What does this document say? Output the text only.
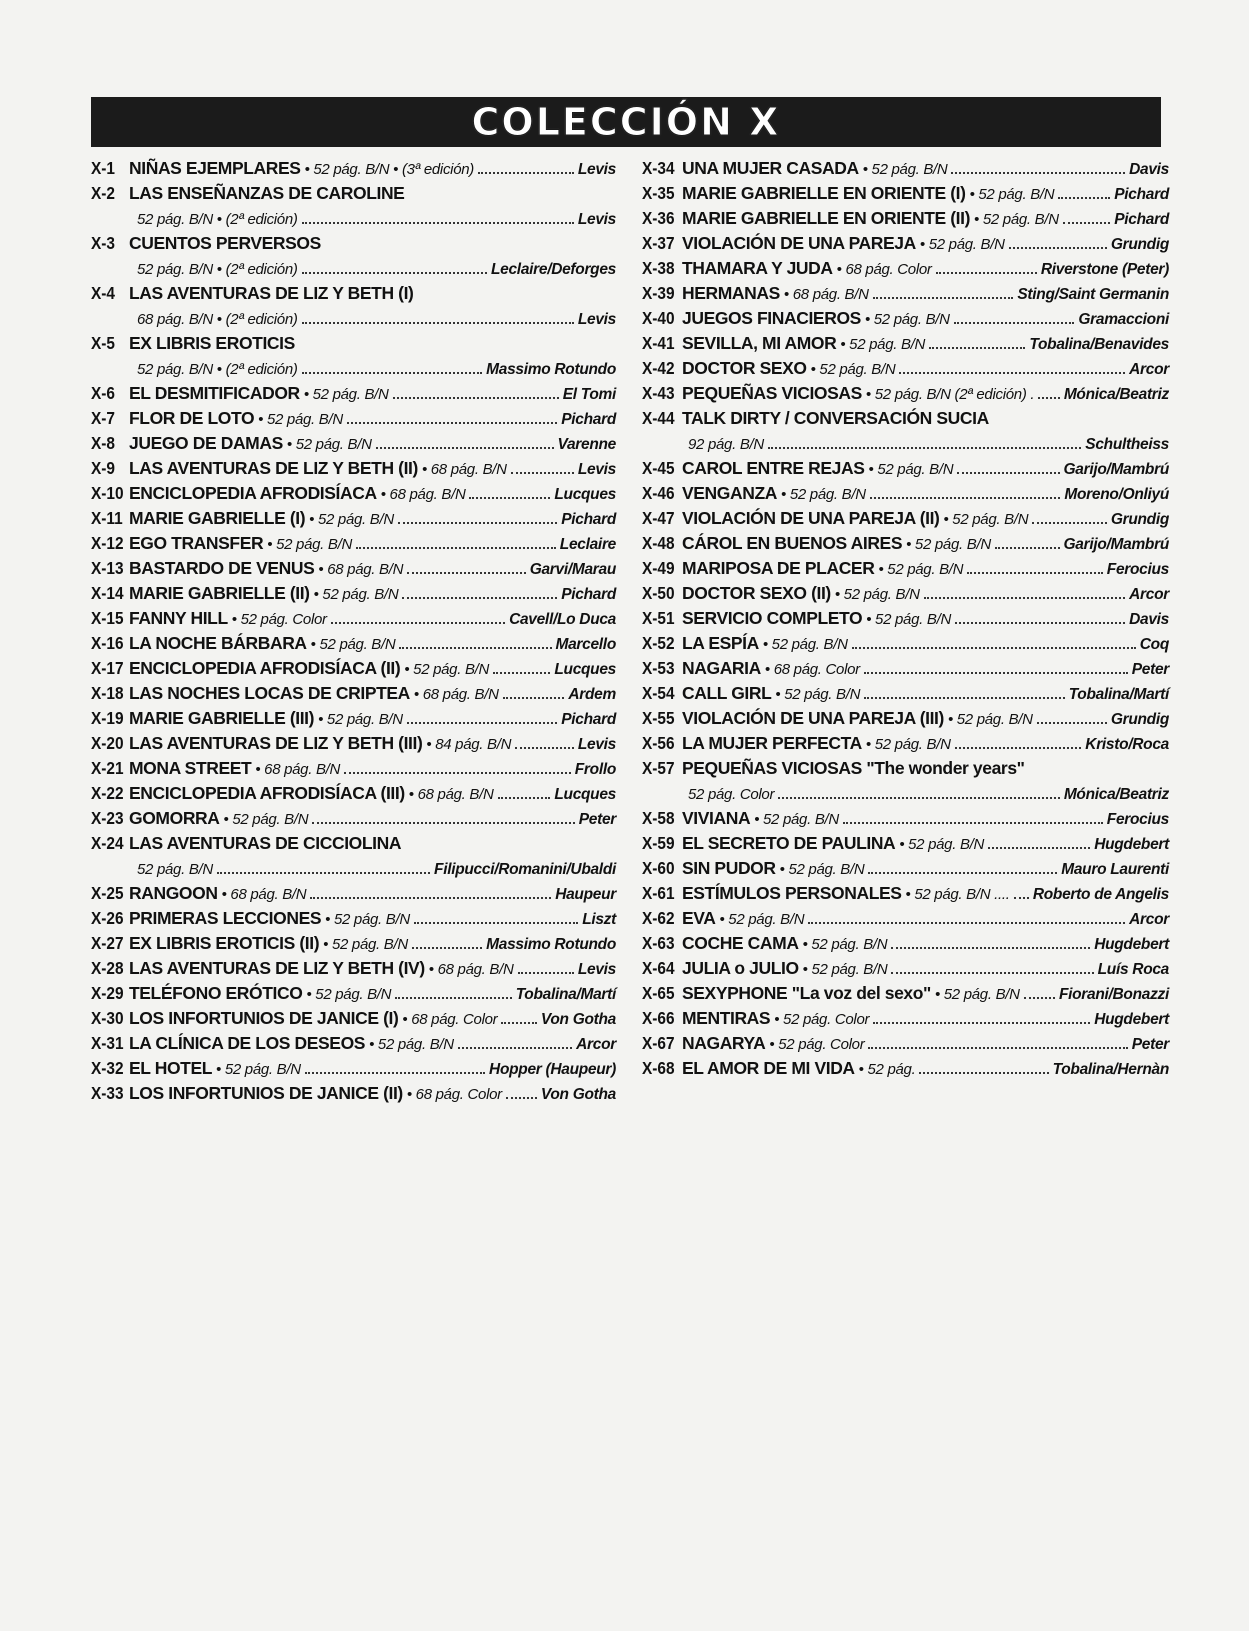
COLECCIÓN X
X-1 NIÑAS EJEMPLARES • 52 pág. B/N • (3ª edición)	Levis
X-2 LAS ENSEÑANZAS DE CAROLINE
52 pág. B/N • (2ª edición)	Levis
X-3 CUENTOS PERVERSOS
52 pág. B/N • (2ª edición)	Leclaire/Deforges
X-4 LAS AVENTURAS DE LIZ Y BETH (I)
68 pág. B/N • (2ª edición)	Levis
X-5 EX LIBRIS EROTICIS
52 pág. B/N • (2ª edición)	Massimo Rotundo
X-6 EL DESMITIFICADOR • 52 pág. B/N	El Tomi
X-7 FLOR DE LOTO • 52 pág. B/N	Pichard
X-8 JUEGO DE DAMAS • 52 pág. B/N	Varenne
X-9 LAS AVENTURAS DE LIZ Y BETH (II) • 68 pág. B/N	Levis
X-10 ENCICLOPEDIA AFRODISÍACA • 68 pág. B/N	Lucques
X-11 MARIE GABRIELLE (I) • 52 pág. B/N	Pichard
X-12 EGO TRANSFER • 52 pág. B/N	Leclaire
X-13 BASTARDO DE VENUS • 68 pág. B/N	Garvi/Marau
X-14 MARIE GABRIELLE (II) • 52 pág. B/N	Pichard
X-15 FANNY HILL • 52 pág. Color	Cavell/Lo Duca
X-16 LA NOCHE BÁRBARA • 52 pág. B/N	Marcello
X-17 ENCICLOPEDIA AFRODISÍACA (II) • 52 pág. B/N	Lucques
X-18 LAS NOCHES LOCAS DE CRIPTEA • 68 pág. B/N	Ardem
X-19 MARIE GABRIELLE (III) • 52 pág. B/N	Pichard
X-20 LAS AVENTURAS DE LIZ Y BETH (III) • 84 pág. B/N	Levis
X-21 MONA STREET • 68 pág. B/N	Frollo
X-22 ENCICLOPEDIA AFRODISÍACA (III) • 68 pág. B/N	Lucques
X-23 GOMORRA • 52 pág. B/N	Peter
X-24 LAS AVENTURAS DE CICCIOLINA
52 pág. B/N	Filipucci/Romanini/Ubaldi
X-25 RANGOON • 68 pág. B/N	Haupeur
X-26 PRIMERAS LECCIONES • 52 pág. B/N	Liszt
X-27 EX LIBRIS EROTICIS (II) • 52 pág. B/N	Massimo Rotundo
X-28 LAS AVENTURAS DE LIZ Y BETH (IV) • 68 pág. B/N	Levis
X-29 TELÉFONO ERÓTICO • 52 pág. B/N	Tobalina/Martí
X-30 LOS INFORTUNIOS DE JANICE (I) • 68 pág. Color	Von Gotha
X-31 LA CLÍNICA DE LOS DESEOS • 52 pág. B/N	Arcor
X-32 EL HOTEL • 52 pág. B/N	Hopper (Haupeur)
X-33 LOS INFORTUNIOS DE JANICE (II) • 68 pág. Color	Von Gotha
X-34 UNA MUJER CASADA • 52 pág. B/N	Davis
X-35 MARIE GABRIELLE EN ORIENTE (I) • 52 pág. B/N	Pichard
X-36 MARIE GABRIELLE EN ORIENTE (II) • 52 pág. B/N	Pichard
X-37 VIOLACIÓN DE UNA PAREJA • 52 pág. B/N	Grundig
X-38 THAMARA Y JUDA • 68 pág. Color	Riverstone (Peter)
X-39 HERMANAS • 68 pág. B/N	Sting/Saint Germanin
X-40 JUEGOS FINACIEROS • 52 pág. B/N	Gramaccioni
X-41 SEVILLA, MI AMOR • 52 pág. B/N	Tobalina/Benavides
X-42 DOCTOR SEXO • 52 pág. B/N	Arcor
X-43 PEQUEÑAS VICIOSAS • 52 pág. B/N (2ª edición) . Mónica/Beatriz
X-44 TALK DIRTY / CONVERSACIÓN SUCIA
92 pág. B/N	Schultheiss
X-45 CAROL ENTRE REJAS • 52 pág. B/N	Garijo/Mambrú
X-46 VENGANZA • 52 pág. B/N	Moreno/Onliyú
X-47 VIOLACIÓN DE UNA PAREJA (II) • 52 pág. B/N	Grundig
X-48 CÁROL EN BUENOS AIRES • 52 pág. B/N	Garijo/Mambrú
X-49 MARIPOSA DE PLACER • 52 pág. B/N	Ferocius
X-50 DOCTOR SEXO (II) • 52 pág. B/N	Arcor
X-51 SERVICIO COMPLETO • 52 pág. B/N	Davis
X-52 LA ESPÍA • 52 pág. B/N	Coq
X-53 NAGARIA • 68 pág. Color	Peter
X-54 CALL GIRL • 52 pág. B/N	Tobalina/Martí
X-55 VIOLACIÓN DE UNA PAREJA (III) • 52 pág. B/N	Grundig
X-56 LA MUJER PERFECTA • 52 pág. B/N	Kristo/Roca
X-57 PEQUEÑAS VICIOSAS "The wonder years"
52 pág. Color	Mónica/Beatriz
X-58 VIVIANA • 52 pág. B/N	Ferocius
X-59 EL SECRETO DE PAULINA • 52 pág. B/N	Hugdebert
X-60 SIN PUDOR • 52 pág. B/N	Mauro Laurenti
X-61 ESTÍMULOS PERSONALES • 52 pág. B/N .... Roberto de Angelis
X-62 EVA • 52 pág. B/N	Arcor
X-63 COCHE CAMA • 52 pág. B/N	Hugdebert
X-64 JULIA o JULIO • 52 pág. B/N	Luís Roca
X-65 SEXYPHONE "La voz del sexo" • 52 pág. B/N	Fiorani/Bonazzi
X-66 MENTIRAS • 52 pág. Color	Hugdebert
X-67 NAGARYA • 52 pág. Color	Peter
X-68 EL AMOR DE MI VIDA • 52 pág.	Tobalina/Hernàn
